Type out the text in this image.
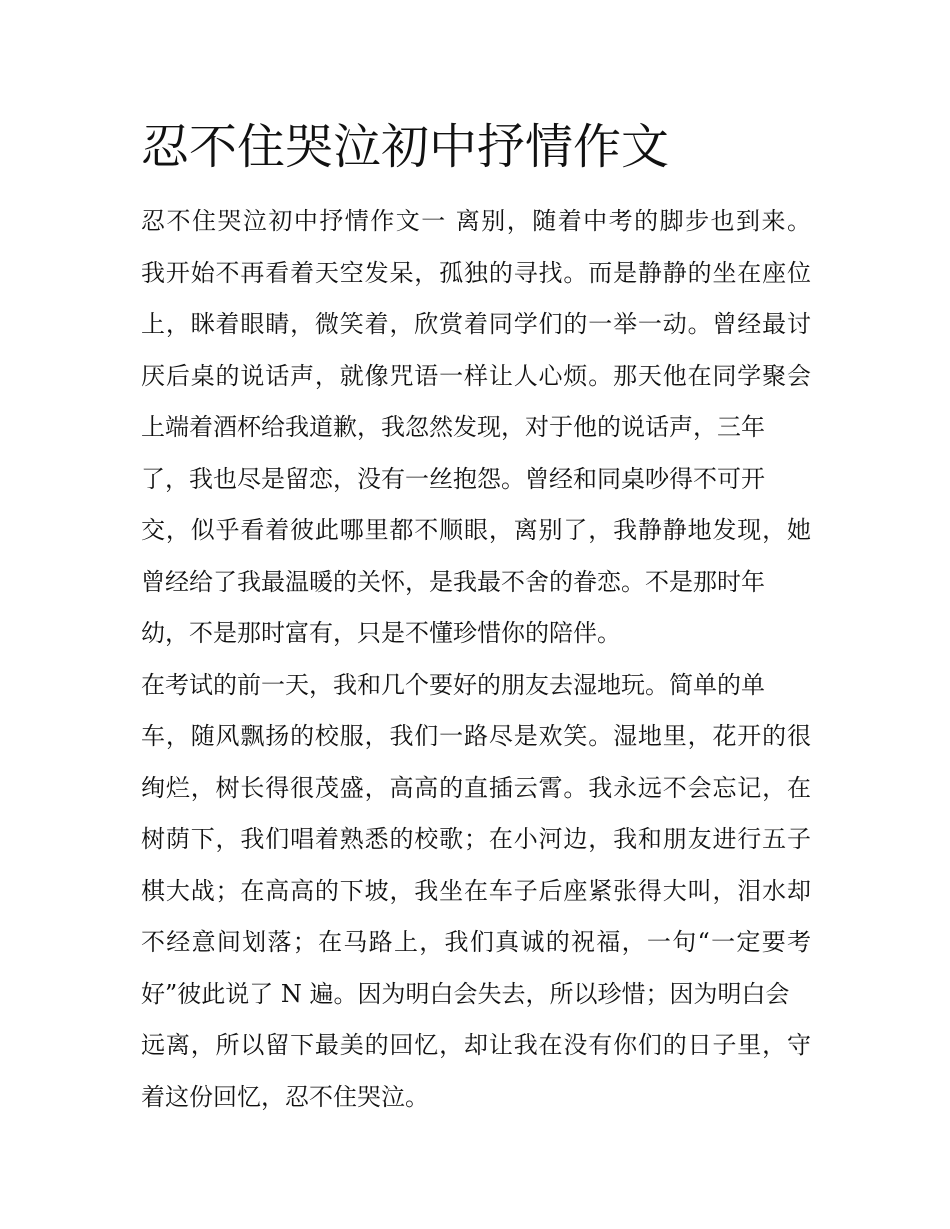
忍不住哭泣初中抒情作文
忍不住哭泣初中抒情作文一 离别，随着中考的脚步也到来。
我开始不再看着天空发呆，孤独的寻找。而是静静的坐在座位
上，眯着眼睛，微笑着，欣赏着同学们的一举一动。曾经最讨
厌后桌的说话声，就像咒语一样让人心烦。那天他在同学聚会
上端着酒杯给我道歉，我忽然发现，对于他的说话声，三年
了，我也尽是留恋，没有一丝抱怨。曾经和同桌吵得不可开
交，似乎看着彼此哪里都不顺眼，离别了，我静静地发现，她
曾经给了我最温暖的关怀，是我最不舍的眷恋。不是那时年
幼，不是那时富有，只是不懂珍惜你的陪伴。
在考试的前一天，我和几个要好的朋友去湿地玩。简单的单
车，随风飘扬的校服，我们一路尽是欢笑。湿地里，花开的很
绚烂，树长得很茂盛，高高的直插云霄。我永远不会忘记，在
树荫下，我们唱着熟悉的校歌；在小河边，我和朋友进行五子
棋大战；在高高的下坡，我坐在车子后座紧张得大叫，泪水却
不经意间划落；在马路上，我们真诚的祝福，一句“一定要考
好”彼此说了 N 遍。因为明白会失去，所以珍惜；因为明白会
远离，所以留下最美的回忆，却让我在没有你们的日子里，守
着这份回忆，忍不住哭泣。
